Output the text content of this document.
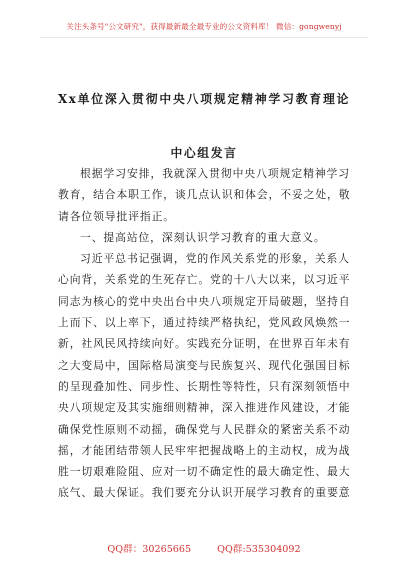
关注头条号"公文研究"，获得最新最全最专业的公文资料库！ 微信：gongwenyj
Xx单位深入贯彻中央八项规定精神学习教育理论中心组发言
根据学习安排，我就深入贯彻中央八项规定精神学习
教育，结合本职工作，谈几点认识和体会，不妥之处，敬
请各位领导批评指正。
一、提高站位，深刻认识学习教育的重大意义。
习近平总书记强调，党的作风关系党的形象，关系人
心向背，关系党的生死存亡。党的十八大以来，以习近平
同志为核心的党中央出台中央八项规定开局破题，坚持自
上而下、以上率下，通过持续严格执纪，党风政风焕然一
新，社风民风持续向好。实践充分证明，在世界百年未有
之大变局中，国际格局演变与民族复兴、现代化强国目标
的呈现叠加性、同步性、长期性等特性，只有深刻领悟中
央八项规定及其实施细则精神，深入推进作风建设，才能
确保党性原则不动摇，确保党与人民群众的紧密关系不动
摇，才能团结带领人民牢牢把握战略上的主动权，成为战
胜一切艰难险阻、应对一切不确定性的最大确定性、最大
底气、最大保证。我们要充分认识开展学习教育的重要意
QQ群：30265665	QQ群:535304092
